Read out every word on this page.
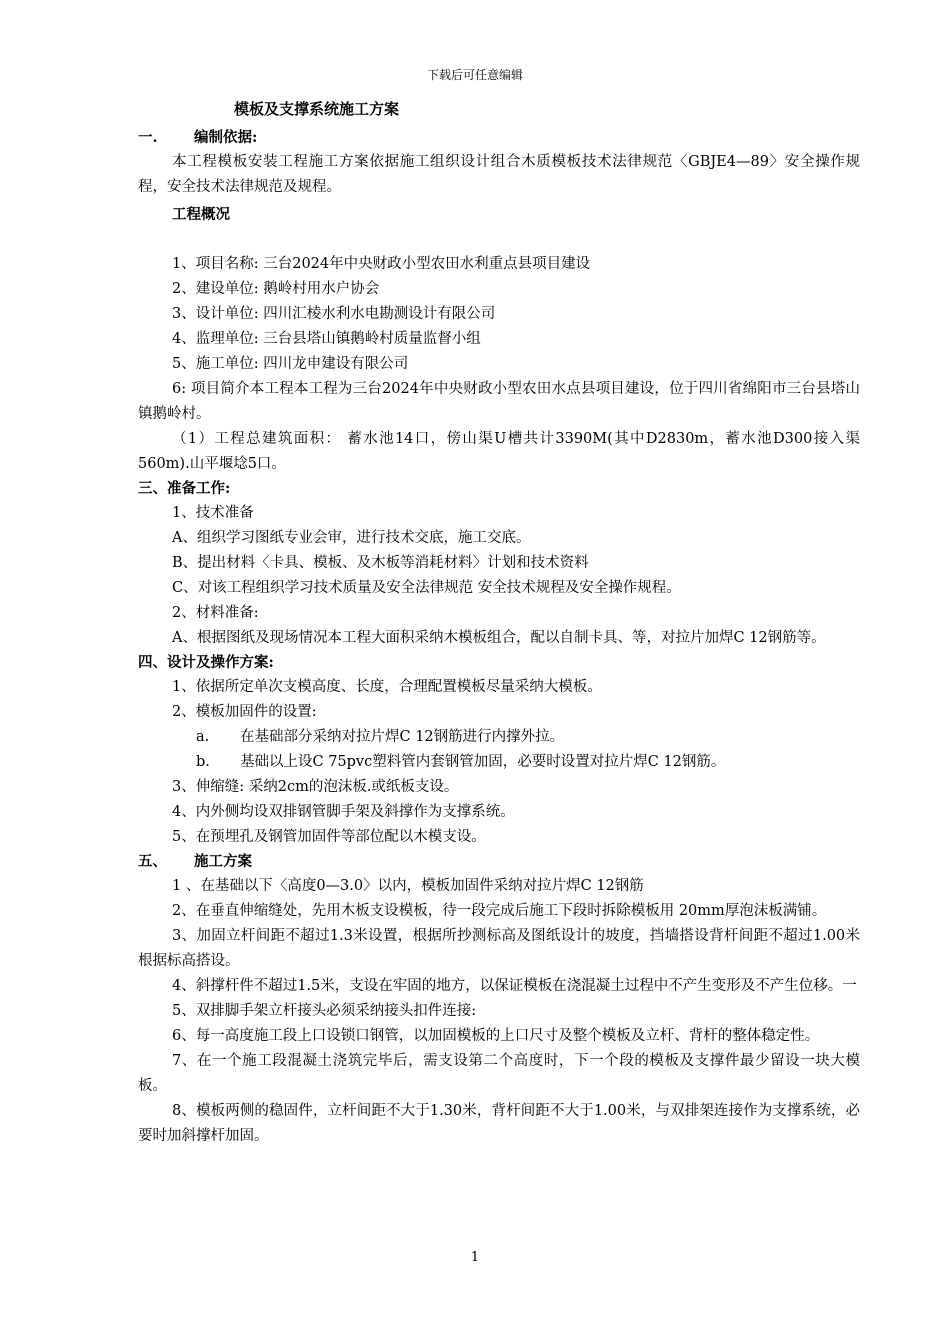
下载后可任意编辑
模板及支撑系统施工方案
一.	编制依据:

本工程模板安装工程施工方案依据施工组织设计组合木质模板技术法律规范〈GBJE4—89〉安全操作规程，安全技术法律规范及规程。

工程概况
1、项目名称: 三台2024年中央财政小型农田水利重点县项目建设
2、建设单位: 鹅岭村用水户协会
3、设计单位: 四川汇棱水利水电勘测设计有限公司
4、监理单位: 三台县塔山镇鹅岭村质量监督小组
5、施工单位: 四川龙申建设有限公司

6: 项目简介本工程本工程为三台2024年中央财政小型农田水点县项目建设，位于四川省绵阳市三台县塔山镇鹅岭村。

（1）工程总建筑面积： 蓄水池14口，傍山渠U槽共计3390M(其中D2830m，蓄水池D300接入渠560m).山平堰埝5口。

三、准备工作:
1、技术准备
A、组织学习图纸专业会审，进行技术交底，施工交底。
B、提出材料〈卡具、模板、及木板等消耗材料〉计划和技术资料
C、对该工程组织学习技术质量及安全法律规范 安全技术规程及安全操作规程。
2、材料准备:

A、根据图纸及现场情况本工程大面积采纳木模板组合，配以自制卡具、等，对拉片加焊C 12钢筋等。

四、设计及操作方案:
1、依据所定单次支模高度、长度，合理配置模板尽量采纳大模板。
2、模板加固件的设置:
a. 在基础部分采纳对拉片焊C 12钢筋进行内撑外拉。
b. 基础以上设C 75pvc塑料管内套钢管加固，必要时设置对拉片焊C 12钢筋。
3、伸缩缝: 采纳2cm的泡沫板.或纸板支设。
4、内外侧均设双排钢管脚手架及斜撑作为支撑系统。
5、在预埋孔及钢管加固件等部位配以木模支设。
五、 施工方案
1 、在基础以下〈高度0—3.0〉以内，模板加固件采纳对拉片焊C 12钢筋

2、在垂直伸缩缝处，先用木板支设模板，待一段完成后施工下段时拆除模板用 20mm厚泡沫板满铺。

3、加固立杆间距不超过1.3米设置，根据所抄测标高及图纸设计的坡度，挡墙搭设背杆间距不超过1.00米根据标高搭设。

4、斜撑杆件不超过1.5米，支设在牢固的地方，以保证模板在浇混凝土过程中不产生变形及不产生位移。一

5、双排脚手架立杆接头必须采纳接头扣件连接:

6、每一高度施工段上口设锁口钢管，以加固模板的上口尺寸及整个模板及立杆、背杆的整体稳定性。

7、在一个施工段混凝土浇筑完毕后，需支设第二个高度时，下一个段的模板及支撑件最少留设一块大模板。

8、模板两侧的稳固件，立杆间距不大于1.30米，背杆间距不大于1.00米，与双排架连接作为支撑系统，必要时加斜撑杆加固。

1
